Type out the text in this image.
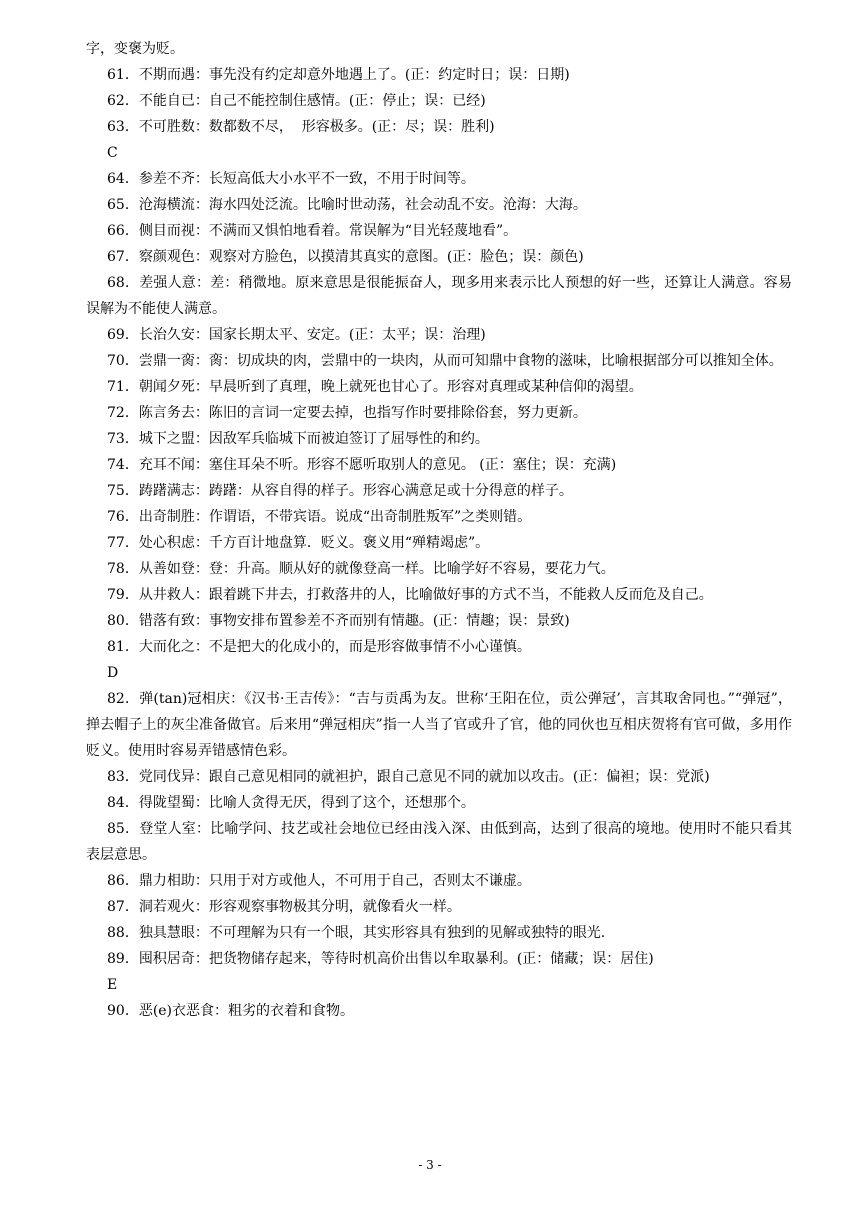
字，变褒为贬。

61．不期而遇：事先没有约定却意外地遇上了。(正：约定时日；误：日期)

62．不能自已：自己不能控制住感情。(正：停止；误：已经)

63．不可胜数：数都数不尽，  形容极多。(正：尽；误：胜利)

C

64．参差不齐：长短高低大小水平不一致，不用于时间等。

65．沧海横流：海水四处泛流。比喻时世动荡，社会动乱不安。沧海：大海。

66．侧目而视：不满而又惧怕地看着。常误解为“目光轻蔑地看”。

67．察颜观色：观察对方脸色，以摸清其真实的意图。(正：脸色；误：颜色)

68．差强人意：差：稍微地。原来意思是很能振奋人，现多用来表示比人预想的好一些，还算让人满意。容易误解为不能使人满意。

69．长治久安：国家长期太平、安定。(正：太平；误：治理)

70．尝鼎一脔：脔：切成块的肉，尝鼎中的一块肉，从而可知鼎中食物的滋味，比喻根据部分可以推知全体。

71．朝闻夕死：早晨听到了真理，晚上就死也甘心了。形容对真理或某种信仰的渴望。

72．陈言务去：陈旧的言词一定要去掉，也指写作时要排除俗套，努力更新。

73．城下之盟：因敌军兵临城下而被迫签订了屈辱性的和约。

74．充耳不闻：塞住耳朵不听。形容不愿听取别人的意见。 (正：塞住；误：充满)

75．踌躇满志：踌躇：从容自得的样子。形容心满意足或十分得意的样子。

76．出奇制胜：作谓语，不带宾语。说成“出奇制胜叛军”之类则错。

77．处心积虑：千方百计地盘算．贬义。褒义用“殚精竭虑”。

78．从善如登：登：升高。顺从好的就像登高一样。比喻学好不容易，要花力气。

79．从井救人：跟着跳下井去，打救落井的人，比喻做好事的方式不当，不能救人反而危及自己。

80．错落有致：事物安排布置参差不齐而别有情趣。(正：情趣；误：景致)

81．大而化之：不是把大的化成小的，而是形容做事情不小心谨慎。

D

82．弹(tan)冠相庆：《汉书·王吉传》：“吉与贡禹为友。世称‘王阳在位，贡公弹冠’，言其取舍同也。”“弹冠”，掸去帽子上的灰尘准备做官。后来用“弹冠相庆”指一人当了官或升了官，他的同伙也互相庆贺将有官可做，多用作贬义。使用时容易弄错感情色彩。

83．党同伐异：跟自己意见相同的就袒护，跟自己意见不同的就加以攻击。(正：偏袒；误：党派)

84．得陇望蜀：比喻人贪得无厌，得到了这个，还想那个。

85．登堂人室：比喻学问、技艺或社会地位已经由浅入深、由低到高，达到了很高的境地。使用时不能只看其表层意思。

86．鼎力相助：只用于对方或他人，不可用于自己，否则太不谦虚。

87．洞若观火：形容观察事物极其分明，就像看火一样。

88．独具慧眼：不可理解为只有一个眼，其实形容具有独到的见解或独特的眼光.

89．囤积居奇：把货物储存起来，等待时机高价出售以牟取暴利。(正：储藏；误：居住)

E

90．恶(e)衣恶食：粗劣的衣着和食物。

- 3 -
